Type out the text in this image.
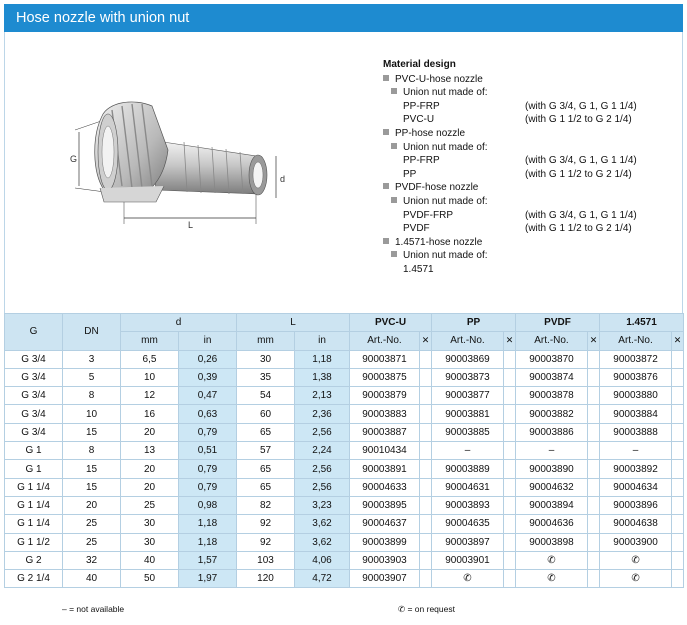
Hose nozzle with union nut
G
L
d
Material design
PVC-U-hose nozzle
Union nut made of:
PP-FRP	(with G 3/4, G 1, G 1 1/4)
PVC-U	(with G 1 1/2 to G 2 1/4)
PP-hose nozzle
Union nut made of:
PP-FRP	(with G 3/4, G 1, G 1 1/4)
PP	(with G 1 1/2 to G 2 1/4)
PVDF-hose nozzle
Union nut made of:
PVDF-FRP	(with G 3/4, G 1, G 1 1/4)
PVDF	(with G 1 1/2 to G 2 1/4)
1.4571-hose nozzle
Union nut made of:
1.4571
G	DN	d		L		PVC-U		PP		PVDF		1.4571	
		mm	in	mm	in	Art.-No.	✕	Art.-No.	✕	Art.-No.	✕	Art.-No.	✕
G 3/4	3	6,5	0,26	30	1,18	90003871		90003869		90003870		90003872	
G 3/4	5	10	0,39	35	1,38	90003875		90003873		90003874		90003876	
G 3/4	8	12	0,47	54	2,13	90003879		90003877		90003878		90003880	
G 3/4	10	16	0,63	60	2,36	90003883		90003881		90003882		90003884	
G 3/4	15	20	0,79	65	2,56	90003887		90003885		90003886		90003888	
G 1	8	13	0,51	57	2,24	90010434		–		–		–	
G 1	15	20	0,79	65	2,56	90003891		90003889		90003890		90003892	
G 1 1/4	15	20	0,79	65	2,56	90004633		90004631		90004632		90004634	
G 1 1/4	20	25	0,98	82	3,23	90003895		90003893		90003894		90003896	
G 1 1/4	25	30	1,18	92	3,62	90004637		90004635		90004636		90004638	
G 1 1/2	25	30	1,18	92	3,62	90003899		90003897		90003898		90003900	
G 2	32	40	1,57	103	4,06	90003903		90003901		✆		✆	
G 2 1/4	40	50	1,97	120	4,72	90003907		✆		✆		✆	
– = not available	✆ = on request
